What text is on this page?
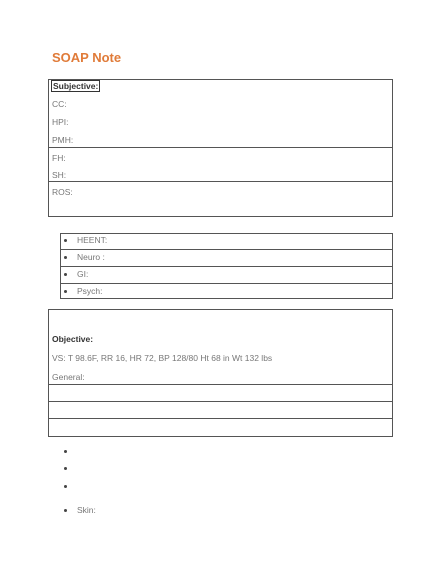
SOAP Note
Subjective:
CC:
HPI:
PMH:
FH:
SH:
ROS:
HEENT:
Neuro :
GI:
Psych:
Objective:
VS: T 98.6F, RR 16, HR 72, BP 128/80 Ht 68 in Wt 132 lbs
General:
Skin:
